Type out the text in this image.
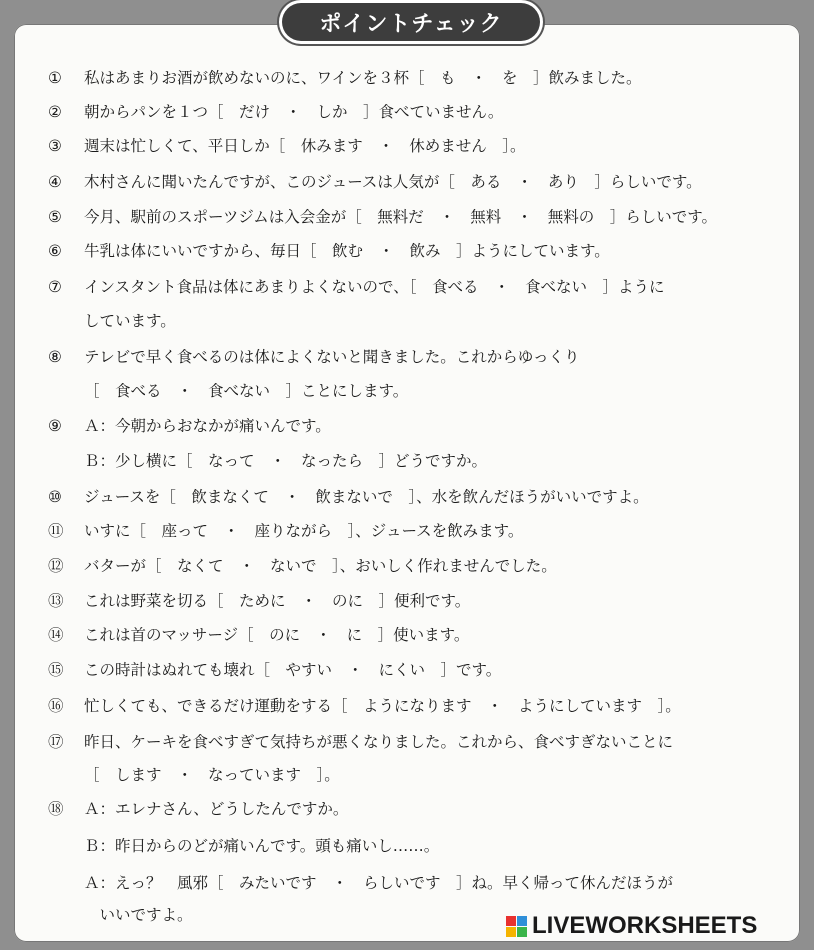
ポイントチェック
①	私はあまりお酒が飲めないのに、ワインを３杯［　も　・　を　］飲みました。
②	朝からパンを１つ［　だけ　・　しか　］食べていません。
③	週末は忙しくて、平日しか［　休みます　・　休めません　］。
④	木村さんに聞いたんですが、このジュースは人気が［　ある　・　あり　］らしいです。
⑤	今月、駅前のスポーツジムは入会金が［　無料だ　・　無料　・　無料の　］らしいです。
⑥	牛乳は体にいいですから、毎日［　飲む　・　飲み　］ようにしています。
⑦	インスタント食品は体にあまりよくないので、［　食べる　・　食べない　］ように
しています。
⑧	テレビで早く食べるのは体によくないと聞きました。これからゆっくり
［　食べる　・　食べない　］ことにします。
⑨	Ａ：今朝からおなかが痛いんです。
Ｂ：少し横に［　なって　・　なったら　］どうですか。
⑩	ジュースを［　飲まなくて　・　飲まないで　］、水を飲んだほうがいいですよ。
⑪	いすに［　座って　・　座りながら　］、ジュースを飲みます。
⑫	バターが［　なくて　・　ないで　］、おいしく作れませんでした。
⑬	これは野菜を切る［　ために　・　のに　］便利です。
⑭	これは首のマッサージ［　のに　・　に　］使います。
⑮	この時計はぬれても壊れ［　やすい　・　にくい　］です。
⑯	忙しくても、できるだけ運動をする［　ようになります　・　ようにしています　］。
⑰	昨日、ケーキを食べすぎて気持ちが悪くなりました。これから、食べすぎないことに
［　します　・　なっています　］。
⑱	Ａ：エレナさん、どうしたんですか。
Ｂ：昨日からのどが痛いんです。頭も痛いし……。
Ａ：えっ？　風邪［　みたいです　・　らしいです　］ね。早く帰って休んだほうが
　いいですよ。	LIVEWORKSHEETS
